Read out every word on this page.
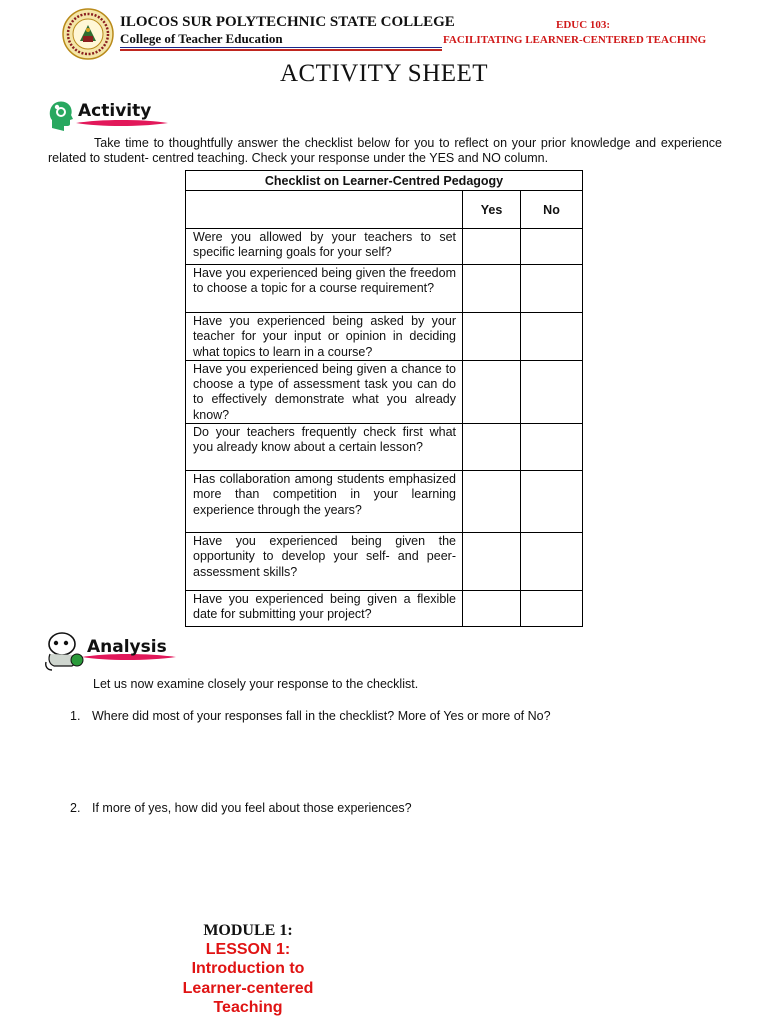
ILOCOS SUR POLYTECHNIC STATE COLLEGE
College of Teacher Education
EDUC 103:
FACILITATING LEARNER-CENTERED TEACHING
ACTIVITY SHEET
Activity
Take time to thoughtfully answer the checklist below for you to reflect on your prior knowledge and experience related to student- centred teaching. Check your response under the YES and NO column.
Checklist on Learner-Centred Pedagogy		
	Yes	No
Were you allowed by your teachers to set specific learning goals for your self?		
Have you experienced being given the freedom to choose a topic for a course requirement?		
Have you experienced being asked by your teacher for your input or opinion in deciding what topics to learn in a course?		
Have you experienced being given a chance to choose a type of assessment task you can do to effectively demonstrate what you already know?		
Do your teachers frequently check first what you already know about a certain lesson?		
Has collaboration among students emphasized more than competition in your learning experience through the years?		
Have you experienced being given the opportunity to develop your self- and peer- assessment skills?		
Have you experienced being given a flexible date for submitting your project?		
Analysis
Let us now examine closely your response to the checklist.
1. Where did most of your responses fall in the checklist? More of Yes or more of No?
2. If more of yes, how did you feel about those experiences?
MODULE 1:
LESSON 1:
Introduction to Learner-centered
Teaching
